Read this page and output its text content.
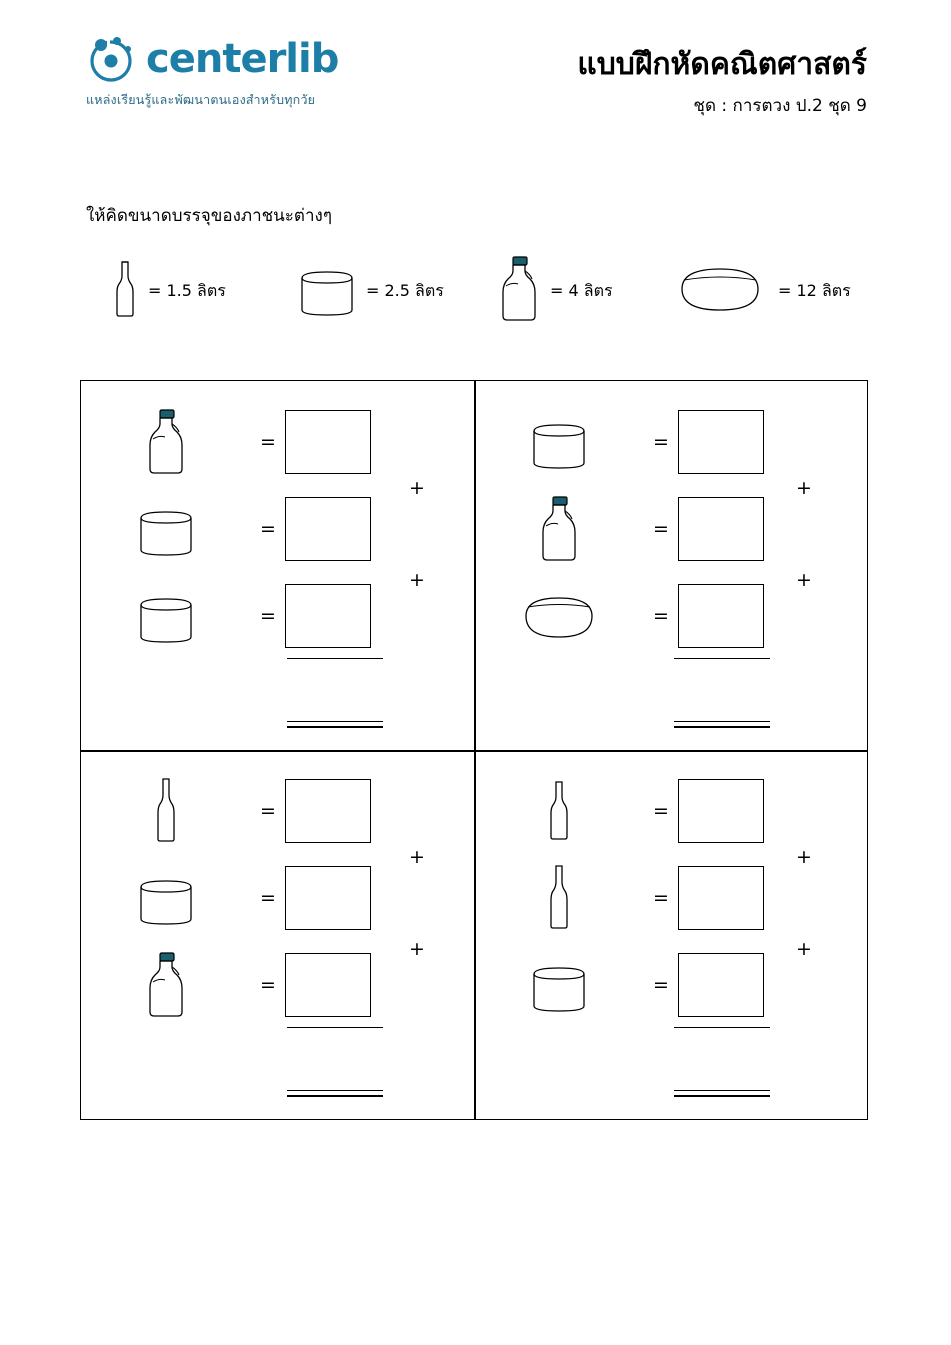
centerlib
แหล่งเรียนรู้และพัฒนาตนเองสำหรับทุกวัย
แบบฝึกหัดคณิตศาสตร์
ชุด : การตวง ป.2 ชุด 9
ให้คิดขนาดบรรจุของภาชนะต่างๆ
= 1.5 ลิตร	= 2.5 ลิตร	= 4 ลิตร	= 12 ลิตร
=
+
=
+
=
=
+
=
+
=
=
+
=
+
=
=
+
=
+
=
